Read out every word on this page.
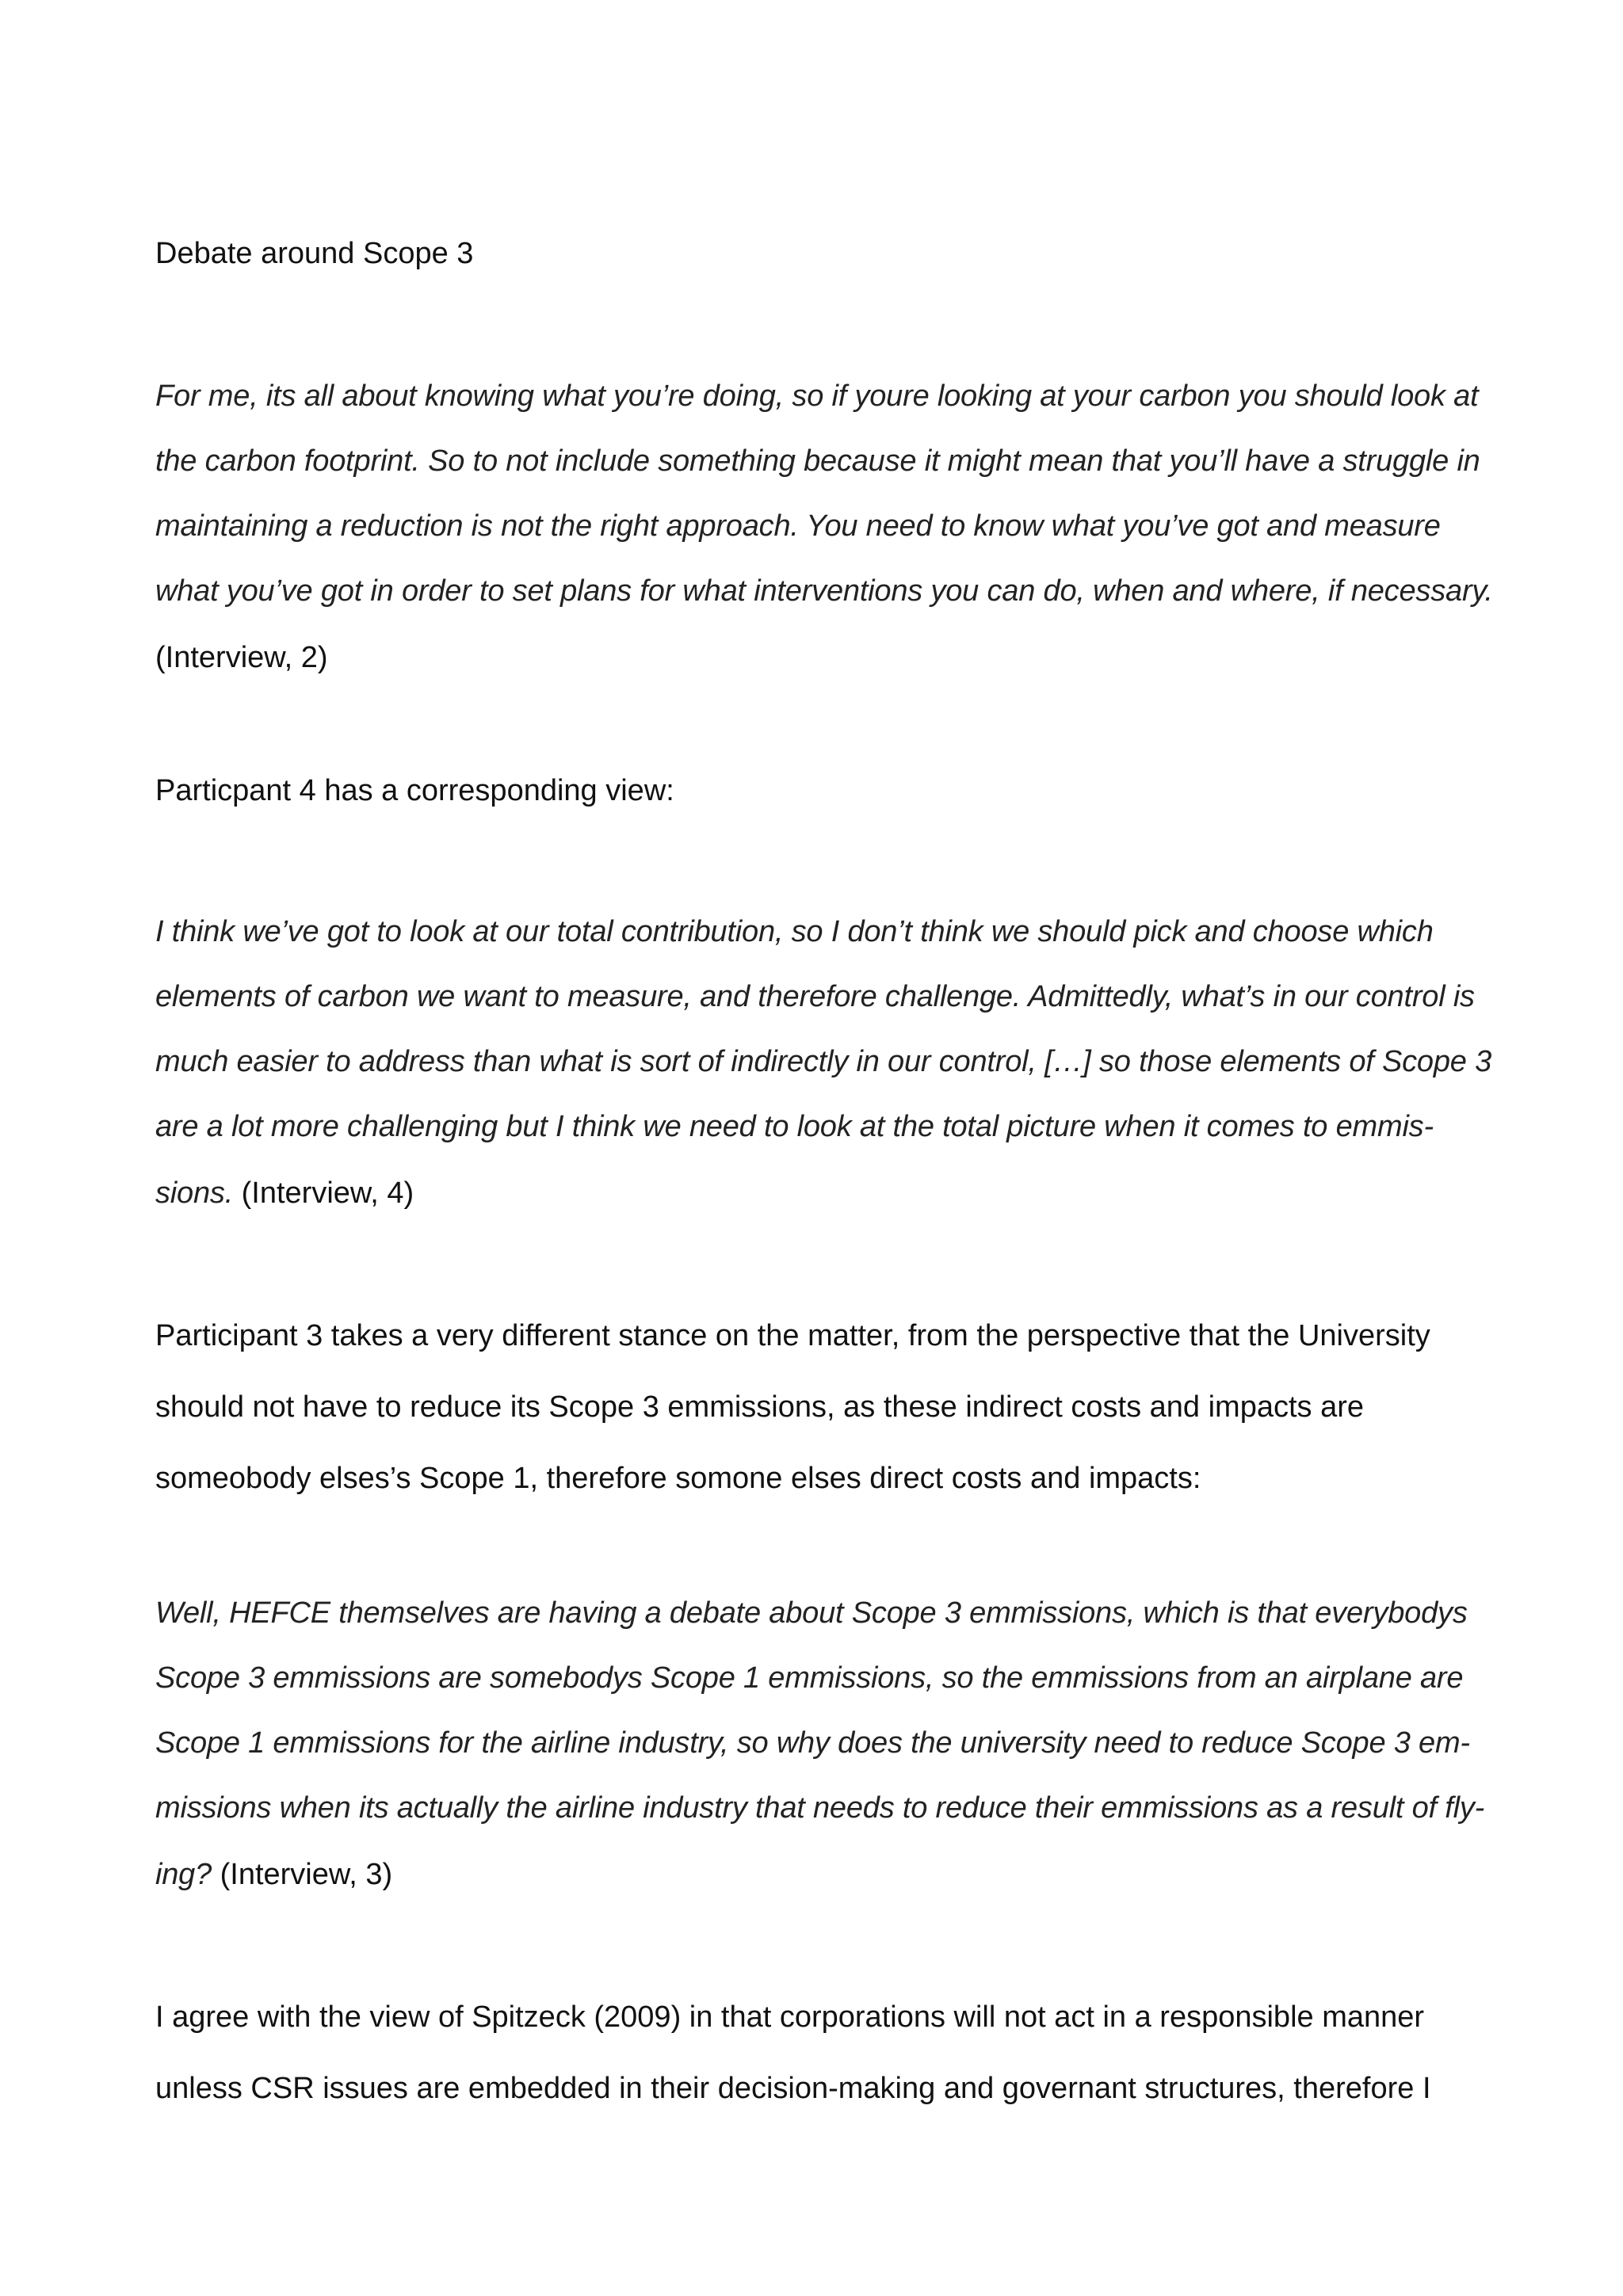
Debate around Scope 3
For me, its all about knowing what you’re doing, so if youre looking at your carbon you should look at
the carbon footprint. So to not include something because it might mean that you’ll have a struggle in
maintaining a reduction is not the right approach. You need to know what you’ve got and measure
what you’ve got in order to set plans for what interventions you can do, when and where, if necessary.
(Interview, 2)
Particpant 4 has a corresponding view:
I think we’ve got to look at our total contribution, so I don’t think we should pick and choose which
elements of carbon we want to measure, and therefore challenge. Admittedly, what’s in our control is
much easier to address than what is sort of indirectly in our control, […] so those elements of Scope 3
are a lot more challenging but I think we need to look at the total picture when it comes to emmis-
sions. (Interview, 4)
Participant 3 takes a very different stance on the matter, from the perspective that the University
should not have to reduce its Scope 3 emmissions, as these indirect costs and impacts are
someobody elses’s Scope 1, therefore somone elses direct costs and impacts:
Well, HEFCE themselves are having a debate about Scope 3 emmissions, which is that everybodys
Scope 3 emmissions are somebodys Scope 1 emmissions, so the emmissions from an airplane are
Scope 1 emmissions for the airline industry, so why does the university need to reduce Scope 3 em-
missions when its actually the airline industry that needs to reduce their emmissions as a result of fly-
ing? (Interview, 3)
I agree with the view of Spitzeck (2009) in that corporations will not act in a responsible manner
unless CSR issues are embedded in their decision-making and governant structures, therefore I
